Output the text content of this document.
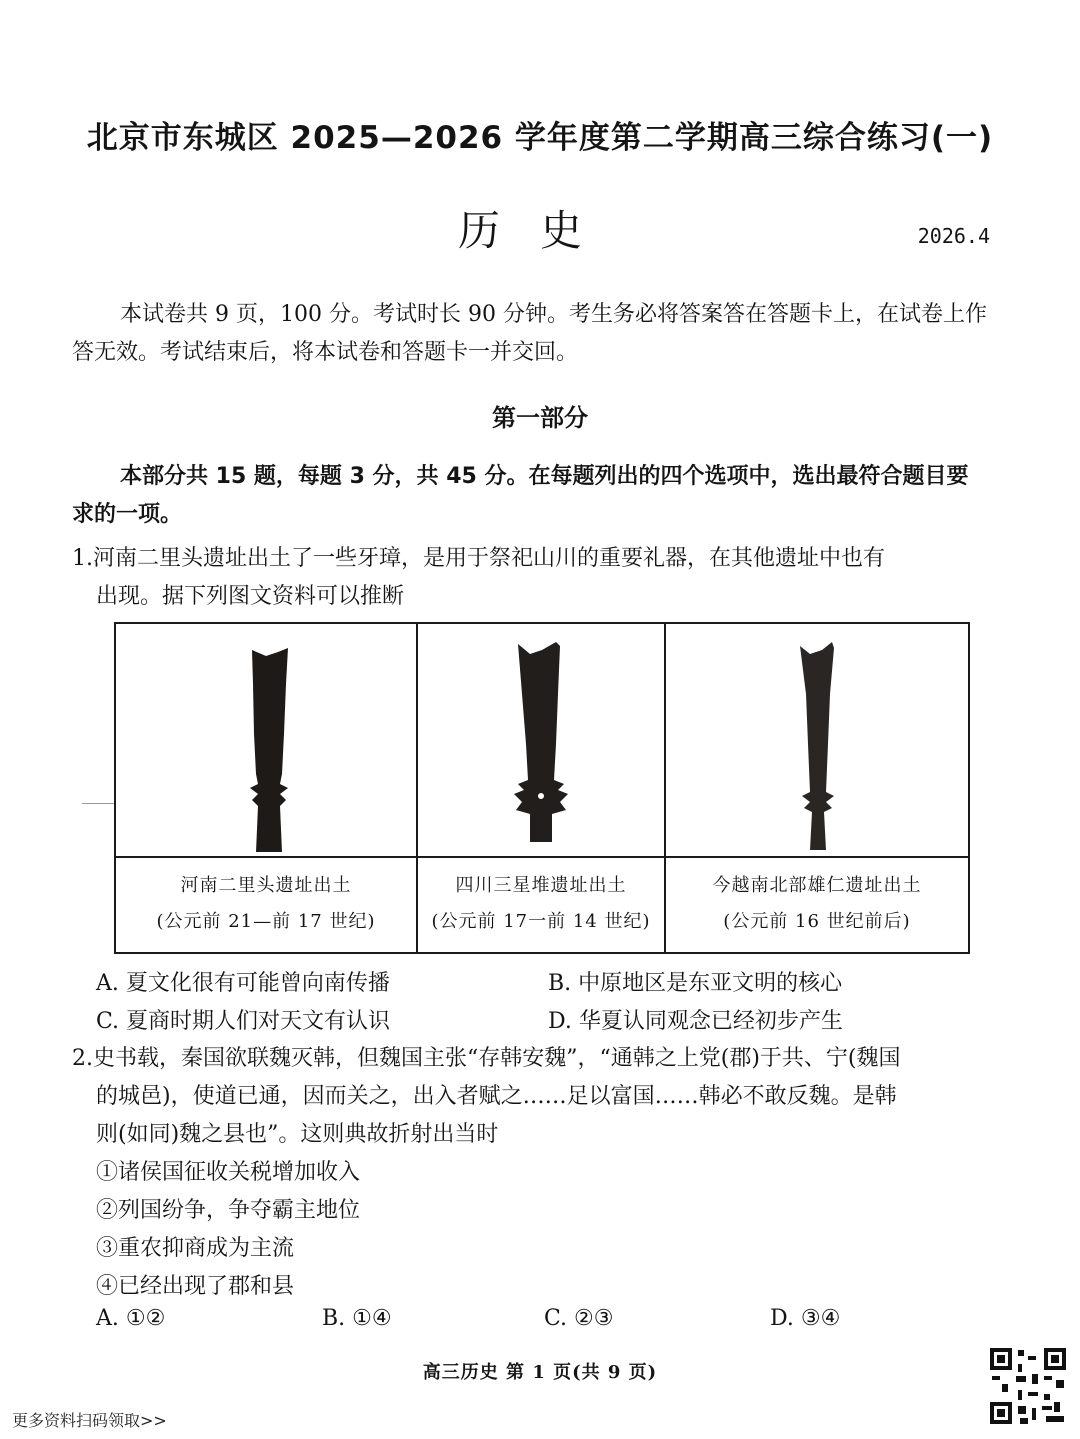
北京市东城区 2025—2026 学年度第二学期高三综合练习(一)
历史	2026.4
本试卷共 9 页，100 分。考试时长 90 分钟。考生务必将答案答在答题卡上，在试卷上作答无效。考试结束后，将本试卷和答题卡一并交回。
第一部分
本部分共 15 题，每题 3 分，共 45 分。在每题列出的四个选项中，选出最符合题目要求的一项。
1.河南二里头遗址出土了一些牙璋，是用于祭祀山川的重要礼器，在其他遗址中也有
出现。据下列图文资料可以推断
河南二里头遗址出土
(公元前 21—前 17 世纪)
四川三星堆遗址出土
(公元前 17一前 14 世纪)
今越南北部雄仁遗址出土
(公元前 16 世纪前后)
A. 夏文化很有可能曾向南传播	B. 中原地区是东亚文明的核心
C. 夏商时期人们对天文有认识	D. 华夏认同观念已经初步产生
2.史书载，秦国欲联魏灭韩，但魏国主张“存韩安魏”，“通韩之上党(郡)于共、宁(魏国
的城邑)，使道已通，因而关之，出入者赋之……足以富国……韩必不敢反魏。是韩
则(如同)魏之县也”。这则典故折射出当时
①诸侯国征收关税增加收入
②列国纷争，争夺霸主地位
③重农抑商成为主流
④已经出现了郡和县
A. ①②	B. ①④	C. ②③	D. ③④
高三历史 第 1 页(共 9 页)
更多资料扫码领取>>
